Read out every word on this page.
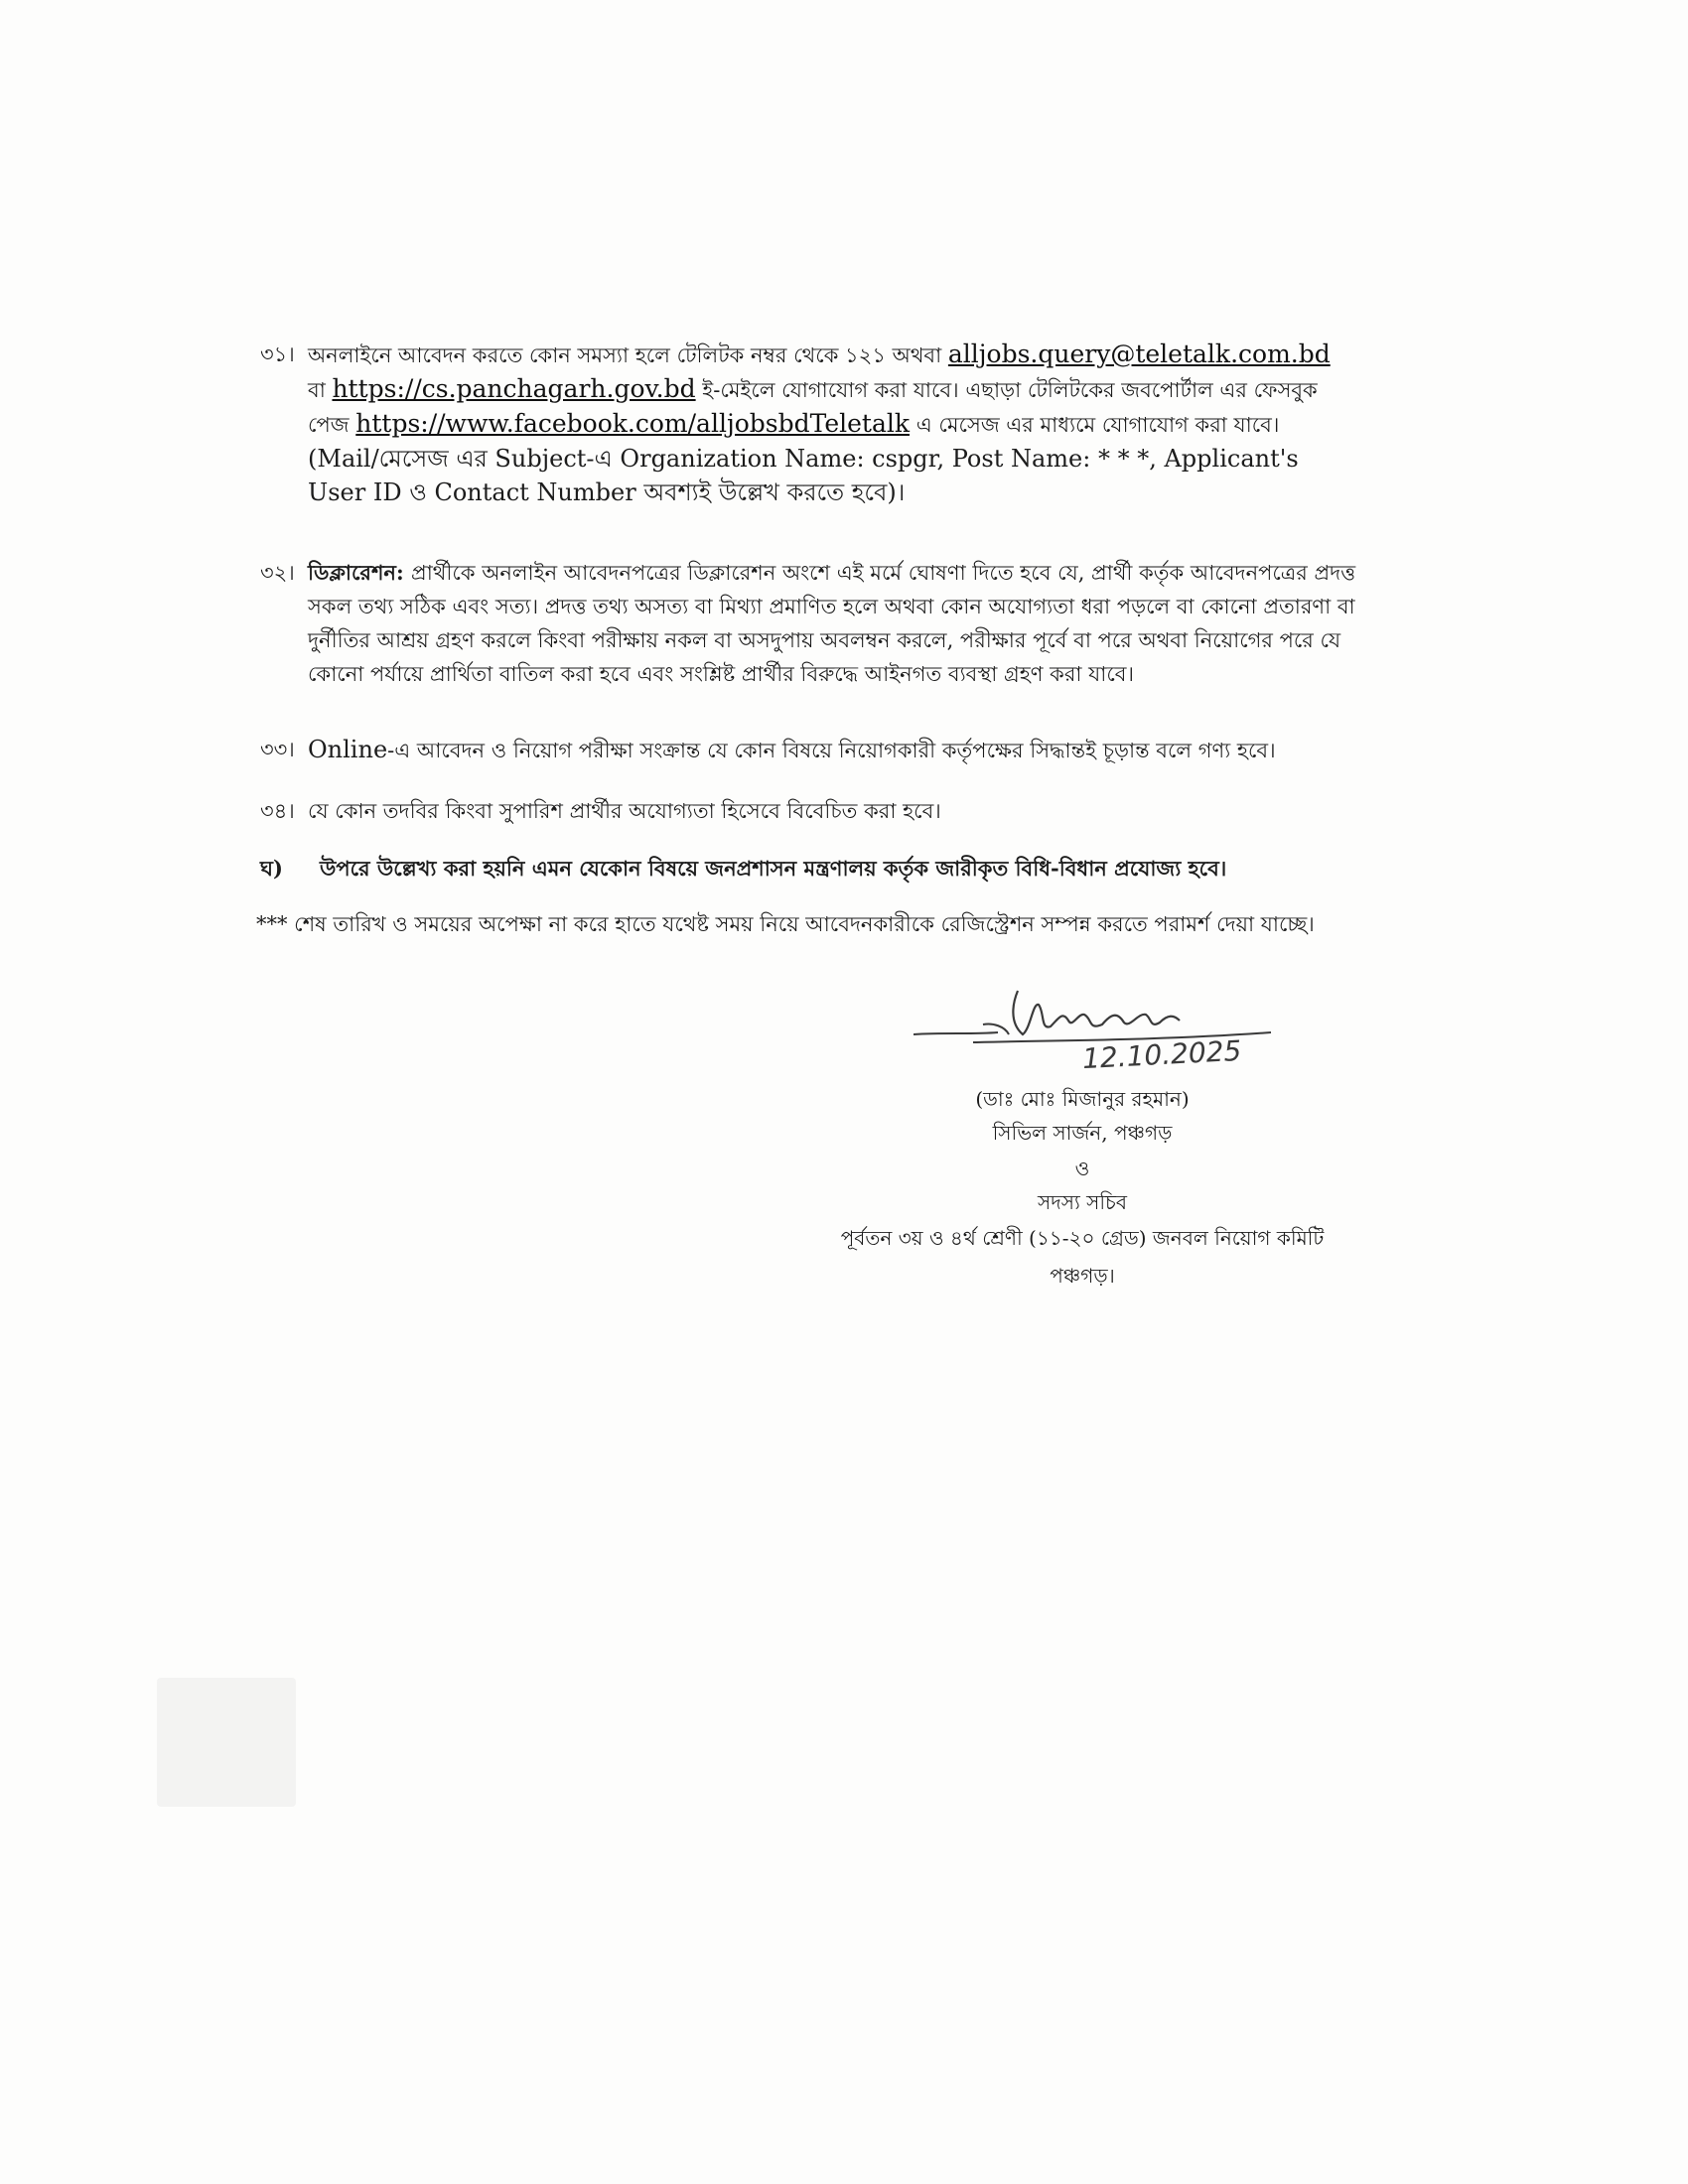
৩১। অনলাইনে আবেদন করতে কোন সমস্যা হলে টেলিটক নম্বর থেকে ১২১ অথবা alljobs.query@teletalk.com.bd
বা https://cs.panchagarh.gov.bd ই-মেইলে যোগাযোগ করা যাবে। এছাড়া টেলিটকের জবপোর্টাল এর ফেসবুক
পেজ https://www.facebook.com/alljobsbdTeletalk এ মেসেজ এর মাধ্যমে যোগাযোগ করা যাবে।
(Mail/মেসেজ এর Subject-এ Organization Name: cspgr, Post Name: * * *, Applicant's
User ID ও Contact Number অবশ্যই উল্লেখ করতে হবে)।
৩২। ডিক্লারেশন: প্রার্থীকে অনলাইন আবেদনপত্রের ডিক্লারেশন অংশে এই মর্মে ঘোষণা দিতে হবে যে, প্রার্থী কর্তৃক আবেদনপত্রের প্রদত্ত
সকল তথ্য সঠিক এবং সত্য। প্রদত্ত তথ্য অসত্য বা মিথ্যা প্রমাণিত হলে অথবা কোন অযোগ্যতা ধরা পড়লে বা কোনো প্রতারণা বা
দুর্নীতির আশ্রয় গ্রহণ করলে কিংবা পরীক্ষায় নকল বা অসদুপায় অবলম্বন করলে, পরীক্ষার পূর্বে বা পরে অথবা নিয়োগের পরে যে
কোনো পর্যায়ে প্রার্থিতা বাতিল করা হবে এবং সংশ্লিষ্ট প্রার্থীর বিরুদ্ধে আইনগত ব্যবস্থা গ্রহণ করা যাবে।
৩৩। Online-এ আবেদন ও নিয়োগ পরীক্ষা সংক্রান্ত যে কোন বিষয়ে নিয়োগকারী কর্তৃপক্ষের সিদ্ধান্তই চূড়ান্ত বলে গণ্য হবে।
৩৪। যে কোন তদবির কিংবা সুপারিশ প্রার্থীর অযোগ্যতা হিসেবে বিবেচিত করা হবে।
ঘ) উপরে উল্লেখ্য করা হয়নি এমন যেকোন বিষয়ে জনপ্রশাসন মন্ত্রণালয় কর্তৃক জারীকৃত বিধি-বিধান প্রযোজ্য হবে।
*** শেষ তারিখ ও সময়ের অপেক্ষা না করে হাতে যথেষ্ট সময় নিয়ে আবেদনকারীকে রেজিস্ট্রেশন সম্পন্ন করতে পরামর্শ দেয়া যাচ্ছে।
12.10.2025
(ডাঃ মোঃ মিজানুর রহমান)
সিভিল সার্জন, পঞ্চগড়
ও
সদস্য সচিব
পূর্বতন ৩য় ও ৪র্থ শ্রেণী (১১-২০ গ্রেড) জনবল নিয়োগ কমিটি
পঞ্চগড়।
